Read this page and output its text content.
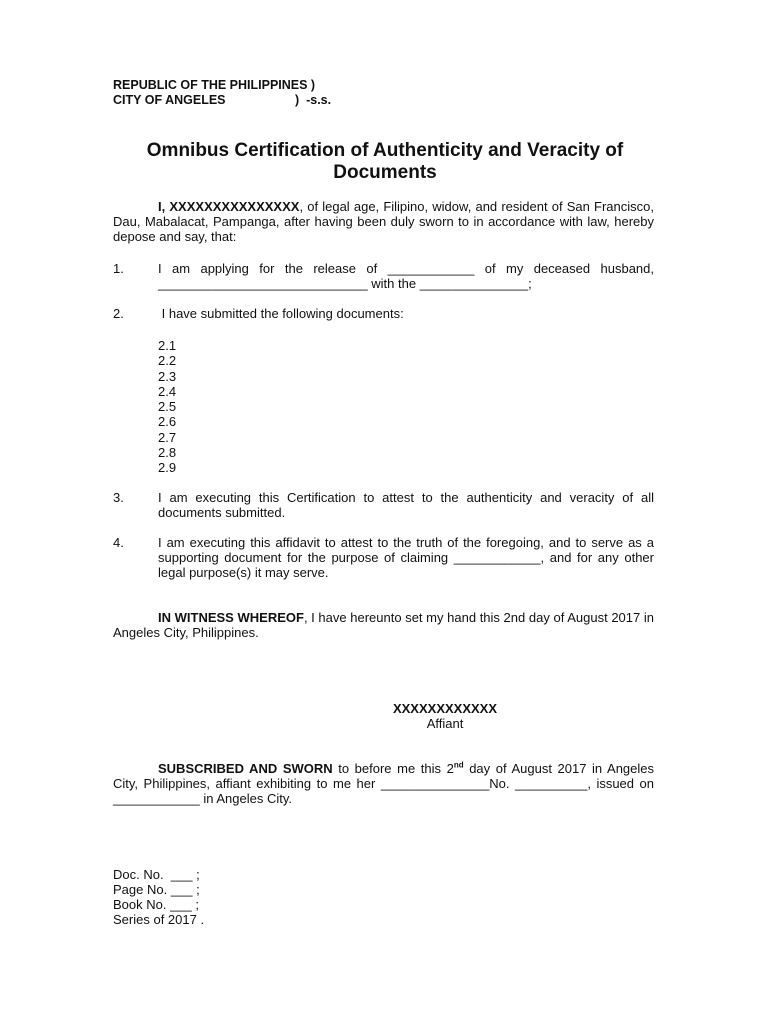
REPUBLIC OF THE PHILIPPINES )
CITY OF ANGELES                    )  -s.s.
Omnibus Certification of Authenticity and Veracity of Documents
I, XXXXXXXXXXXXXXX, of legal age, Filipino, widow, and resident of San Francisco, Dau, Mabalacat, Pampanga, after having been duly sworn to in accordance with law, hereby depose and say, that:
1.	I am applying for the release of ____________ of my deceased husband, _____________________________ with the _______________;
2.	I have submitted the following documents:
2.1
2.2
2.3
2.4
2.5
2.6
2.7
2.8
2.9
3.	I am executing this Certification to attest to the authenticity and veracity of all documents submitted.
4.	I am executing this affidavit to attest to the truth of the foregoing, and to serve as a supporting document for the purpose of claiming ____________, and for any other legal purpose(s) it may serve.
IN WITNESS WHEREOF, I have hereunto set my hand this 2nd day of August 2017 in Angeles City, Philippines.
XXXXXXXXXXXX
Affiant
SUBSCRIBED AND SWORN to before me this 2nd day of August 2017 in Angeles City, Philippines, affiant exhibiting to me her _______________No. __________, issued on ____________ in Angeles City.
Doc. No.  ___ ;
Page No. ___ ;
Book No. ___ ;
Series of 2017 .
